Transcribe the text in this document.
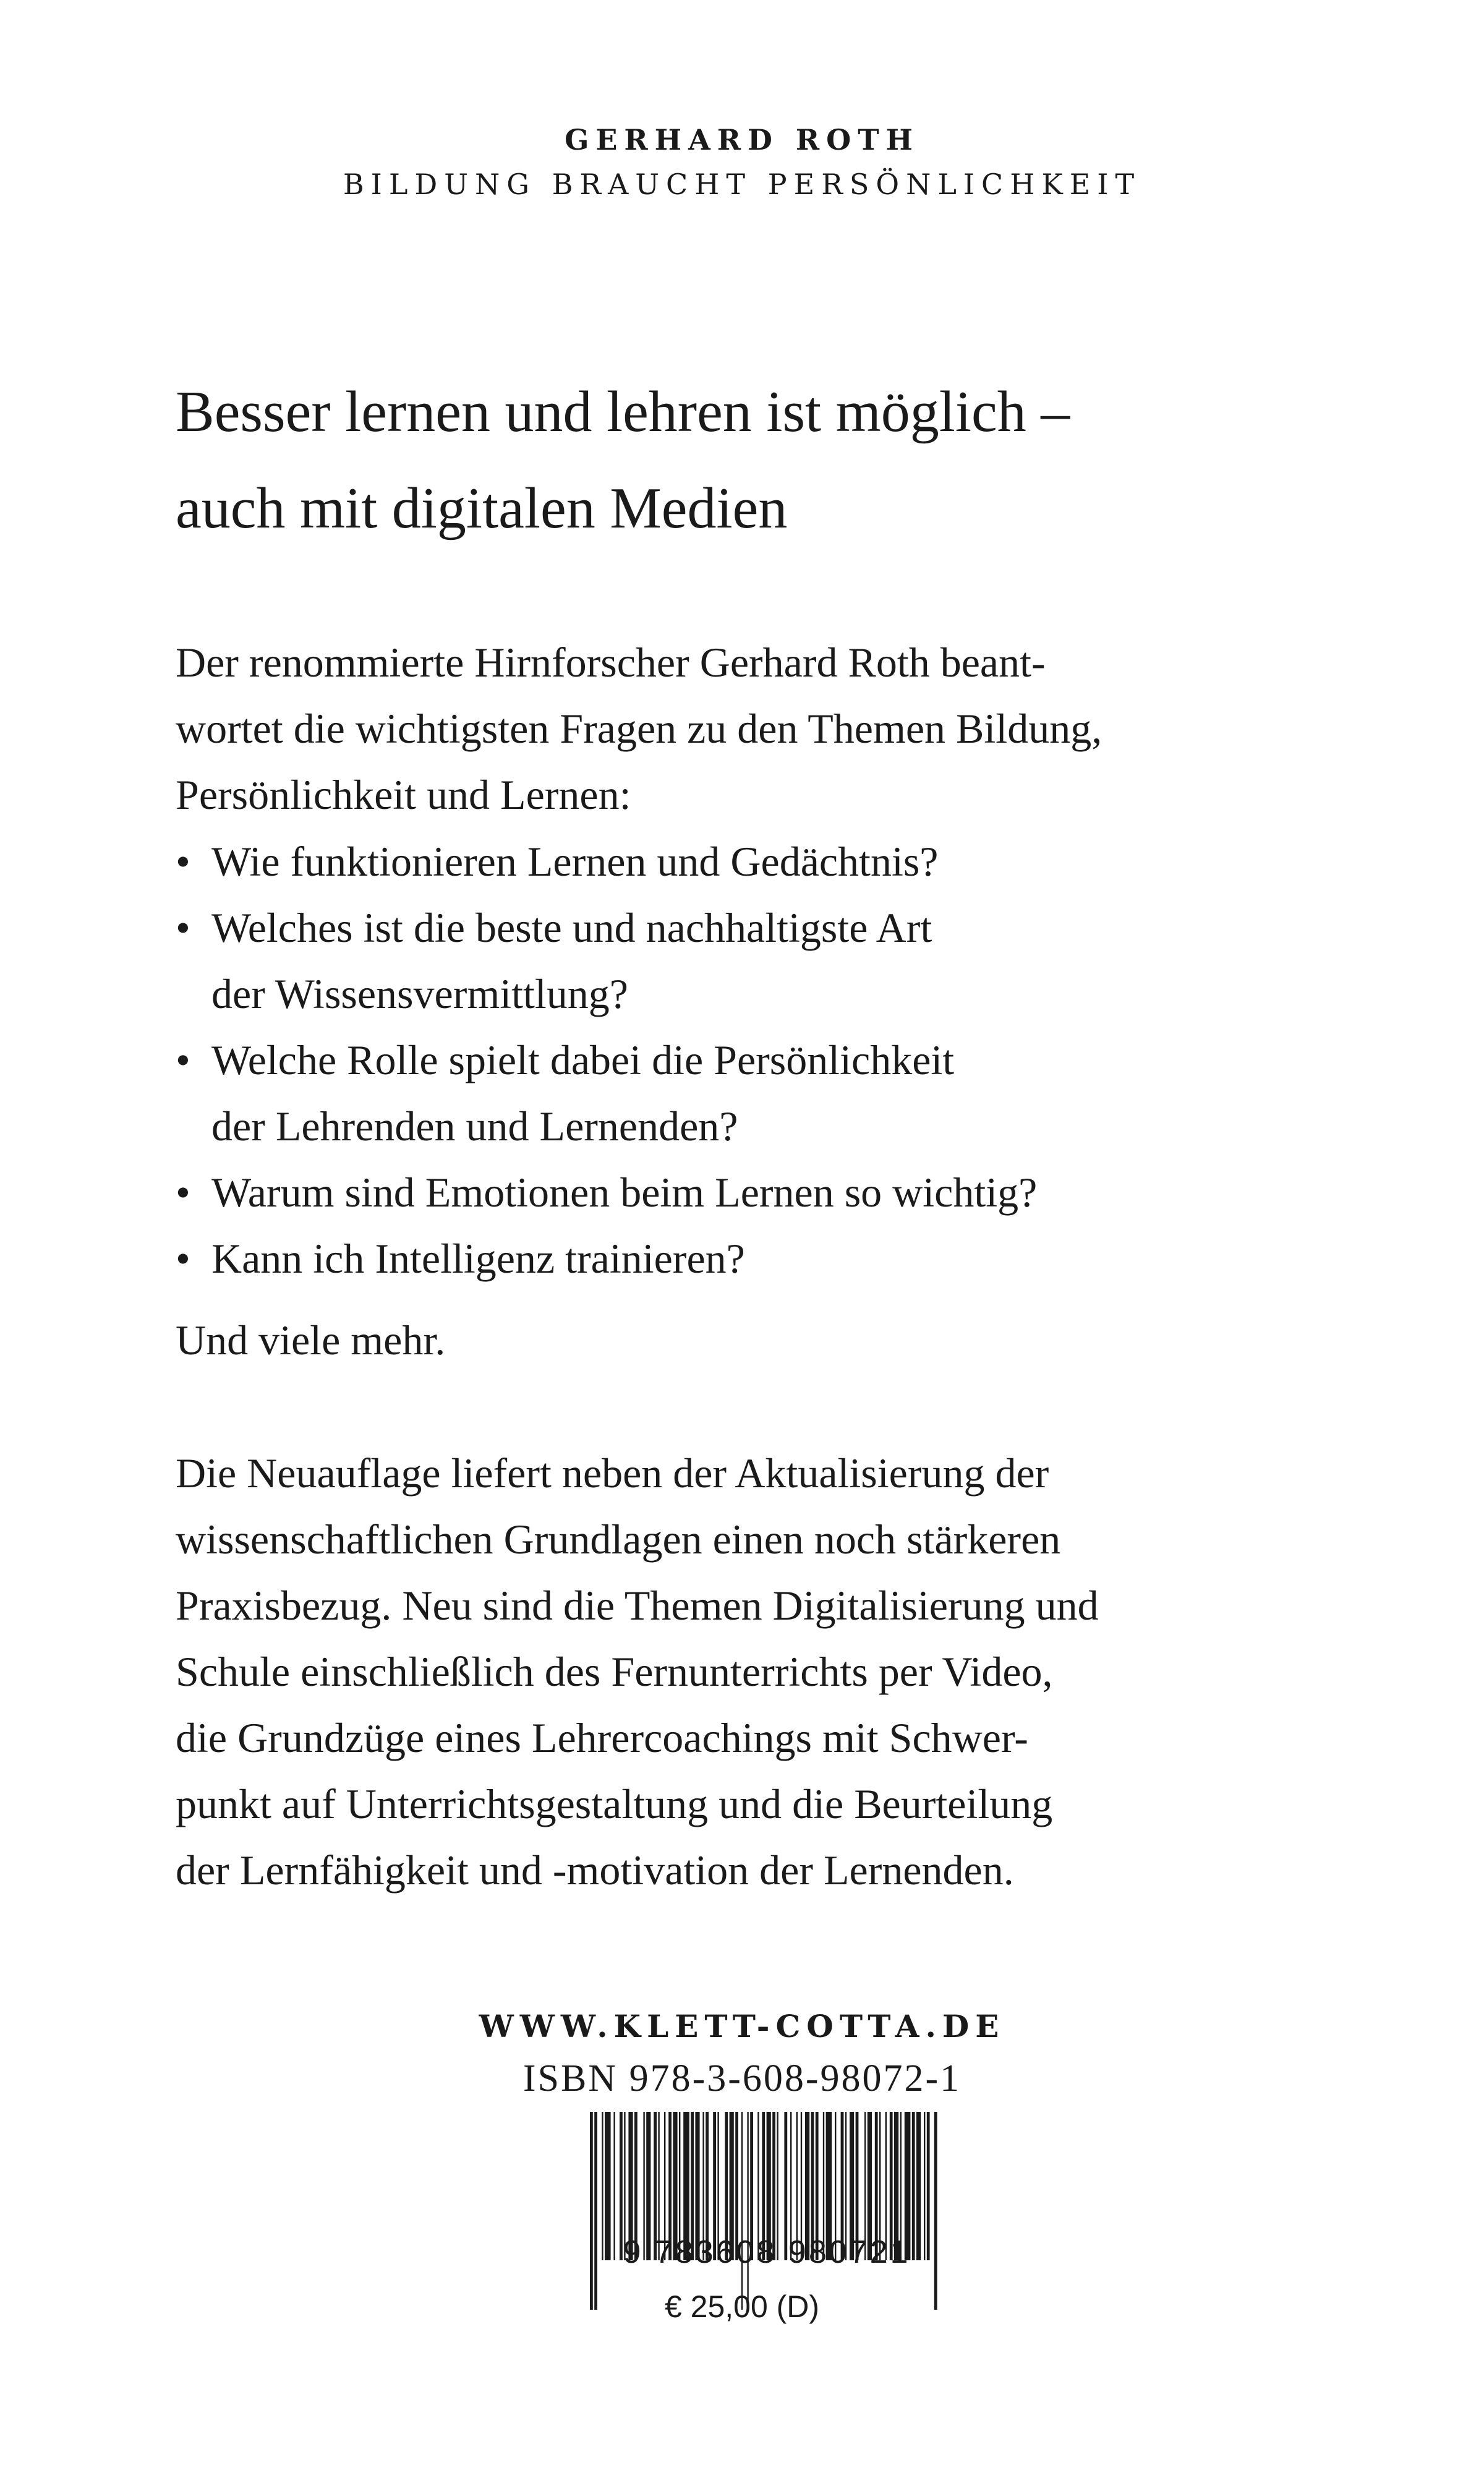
GERHARD ROTH
BILDUNG BRAUCHT PERSÖNLICHKEIT
Besser lernen und lehren ist möglich –
auch mit digitalen Medien
Der renommierte Hirnforscher Gerhard Roth beant-
wortet die wichtigsten Fragen zu den Themen Bildung,
Persönlichkeit und Lernen:
• Wie funktionieren Lernen und Gedächtnis?
• Welches ist die beste und nachhaltigste Art
der Wissensvermittlung?
• Welche Rolle spielt dabei die Persönlichkeit
der Lehrenden und Lernenden?
• Warum sind Emotionen beim Lernen so wichtig?
• Kann ich Intelligenz trainieren?
Und viele mehr.
Die Neuauflage liefert neben der Aktualisierung der
wissenschaftlichen Grundlagen einen noch stärkeren
Praxisbezug. Neu sind die Themen Digitalisierung und
Schule einschließlich des Fernunterrichts per Video,
die Grundzüge eines Lehrercoachings mit Schwer-
punkt auf Unterrichtsgestaltung und die Beurteilung
der Lernfähigkeit und -motivation der Lernenden.
WWW.KLETT-COTTA.DE
ISBN 978-3-608-98072-1
9 783608 980721
€ 25,00 (D)
